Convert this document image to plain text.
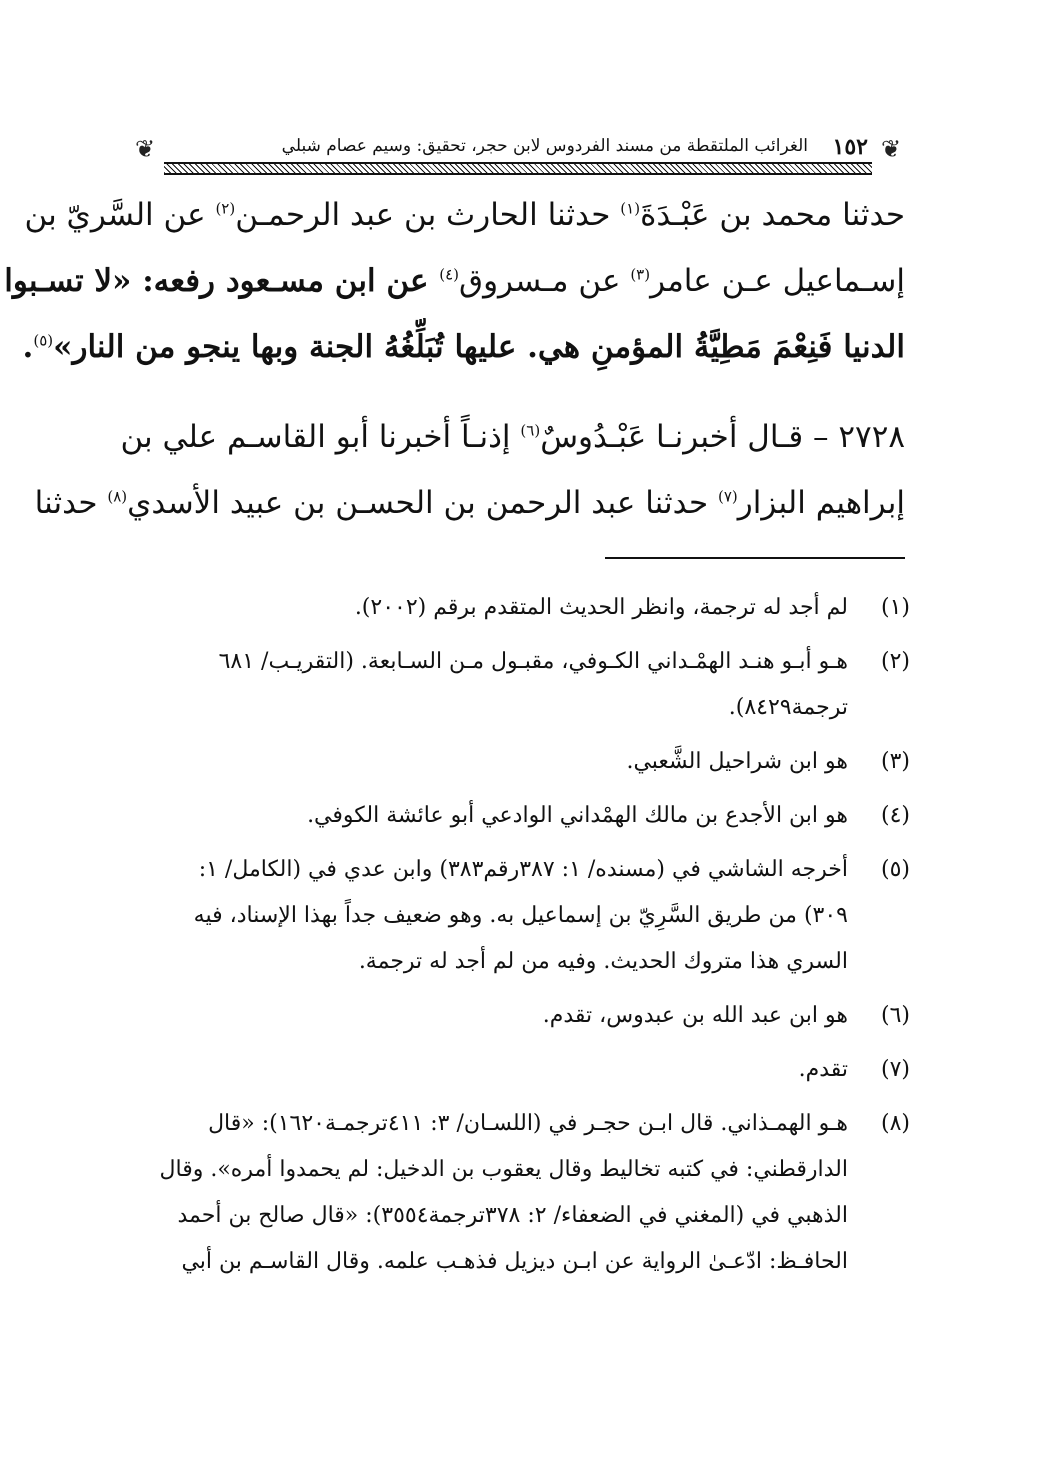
❦
١٥٢
الغرائب الملتقطة من مسند الفردوس لابن حجر، تحقيق: وسيم عصام شبلي
❦
حدثنا محمد بن عَبْـدَةَ$^{(١)}$ حدثنا الحارث بن عبد الرحمـن$^{(٢)}$ عن السَّريّ بن
إسـماعيل عـن عامر$^{(٣)}$ عن مـسروق$^{(٤)}$ عن ابن مسـعود رفعه: «لا تسـبوا
الدنيا فَنِعْمَ مَطِيَّةُ المؤمنِ هي. عليها تُبَلِّغُهُ الجنة وبها ينجو من النار»$^{(٥)}$.
٢٧٢٨ – قـال أخبرنـا عَبْـدُوسٌ$^{(٦)}$ إذنـاً أخبرنا أبو القاسـم علي بن
إبراهيم البزار$^{(٧)}$ حدثنا عبد الرحمن بن الحسـن بن عبيد الأسدي$^{(٨)}$ حدثنا
(١)
لم أجد له ترجمة، وانظر الحديث المتقدم برقم (٢٠٠٢).
(٢)
هـو أبـو هنـد الهمْـداني الكـوفي، مقبـول مـن السـابعة. (التقريـب/ ٦٨١
ترجمة٨٤٢٩).
(٣)
هو ابن شراحيل الشَّعبي.
(٤)
هو ابن الأجدع بن مالك الهمْداني الوادعي أبو عائشة الكوفي.
(٥)
أخرجه الشاشي في (مسنده/ ١: ٣٨٧رقم٣٨٣) وابن عدي في (الكامل/ ١:
٣٠٩) من طريق السَّرِيّ بن إسماعيل به. وهو ضعيف جداً بهذا الإسناد، فيه
السري هذا متروك الحديث. وفيه من لم أجد له ترجمة.
(٦)
هو ابن عبد الله بن عبدوس، تقدم.
(٧)
تقدم.
(٨)
هـو الهمـذاني. قال ابـن حجـر في (اللسـان/ ٣: ٤١١ترجمـة١٦٢٠): «قال
الدارقطني: في كتبه تخاليط وقال يعقوب بن الدخيل: لم يحمدوا أمره». وقال
الذهبي في (المغني في الضعفاء/ ٢: ٣٧٨ترجمة٣٥٥٤): «قال صالح بن أحمد
الحافـظ: ادّعـىٰ الرواية عن ابـن ديزيل فذهـب علمه. وقال القاسـم بن أبي
